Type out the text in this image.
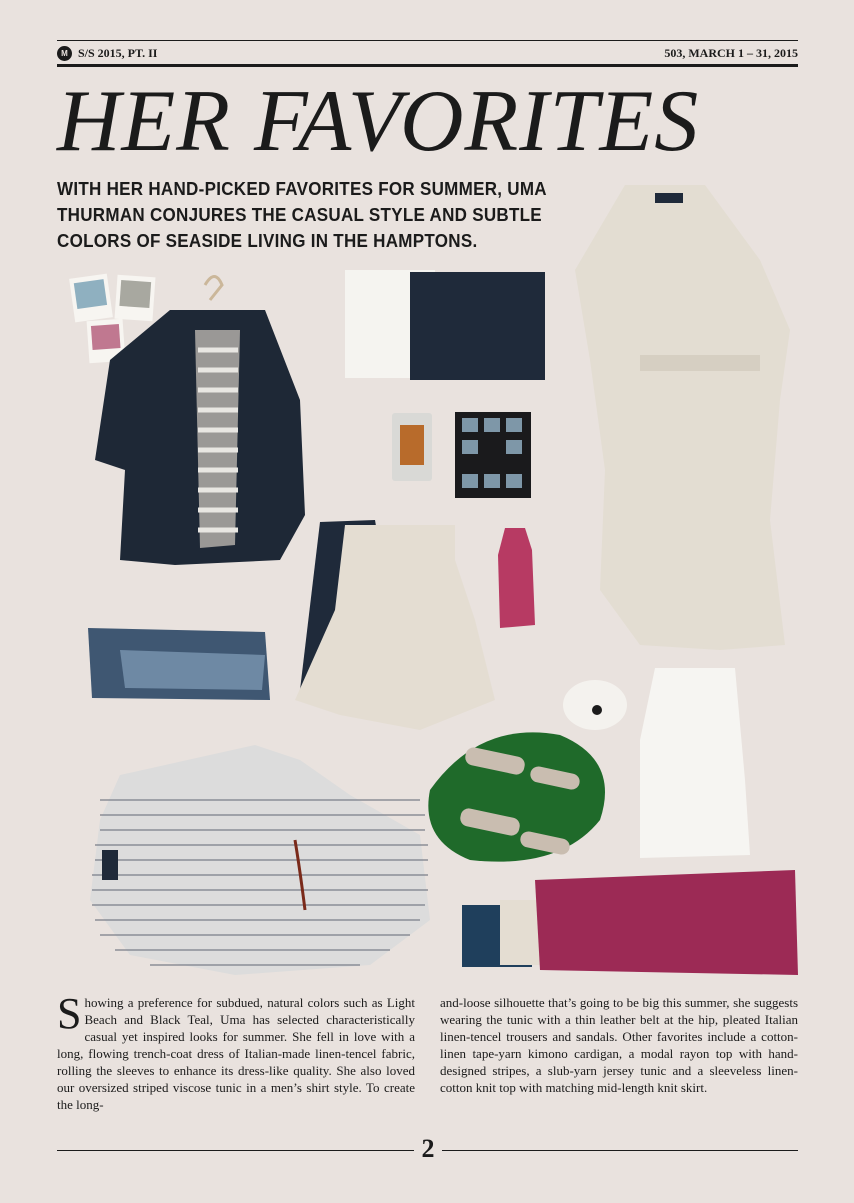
M S/S 2015, PT. II	503, MARCH 1 – 31, 2015
HER FAVORITES
WITH HER HAND-PICKED FAVORITES FOR SUMMER, UMA THURMAN CONJURES THE CASUAL STYLE AND SUBTLE COLORS OF SEASIDE LIVING IN THE HAMPTONS.
Showing a preference for subdued, natural colors such as Light Beach and Black Teal, Uma has selected characteristically casual yet inspired looks for summer. She fell in love with a long, flowing trench-coat dress of Italian-made linen-tencel fabric, rolling the sleeves to enhance its dress-like quality. She also loved our oversized striped viscose tunic in a men’s shirt style. To create the long-
and-loose silhouette that’s going to be big this summer, she suggests wearing the tunic with a thin leather belt at the hip, pleated Italian linen-tencel trousers and sandals. Other favorites include a cotton-linen tape-yarn kimono cardigan, a modal rayon top with hand-designed stripes, a slub-yarn jersey tunic and a sleeveless linen-cotton knit top with matching mid-length knit skirt.
2
